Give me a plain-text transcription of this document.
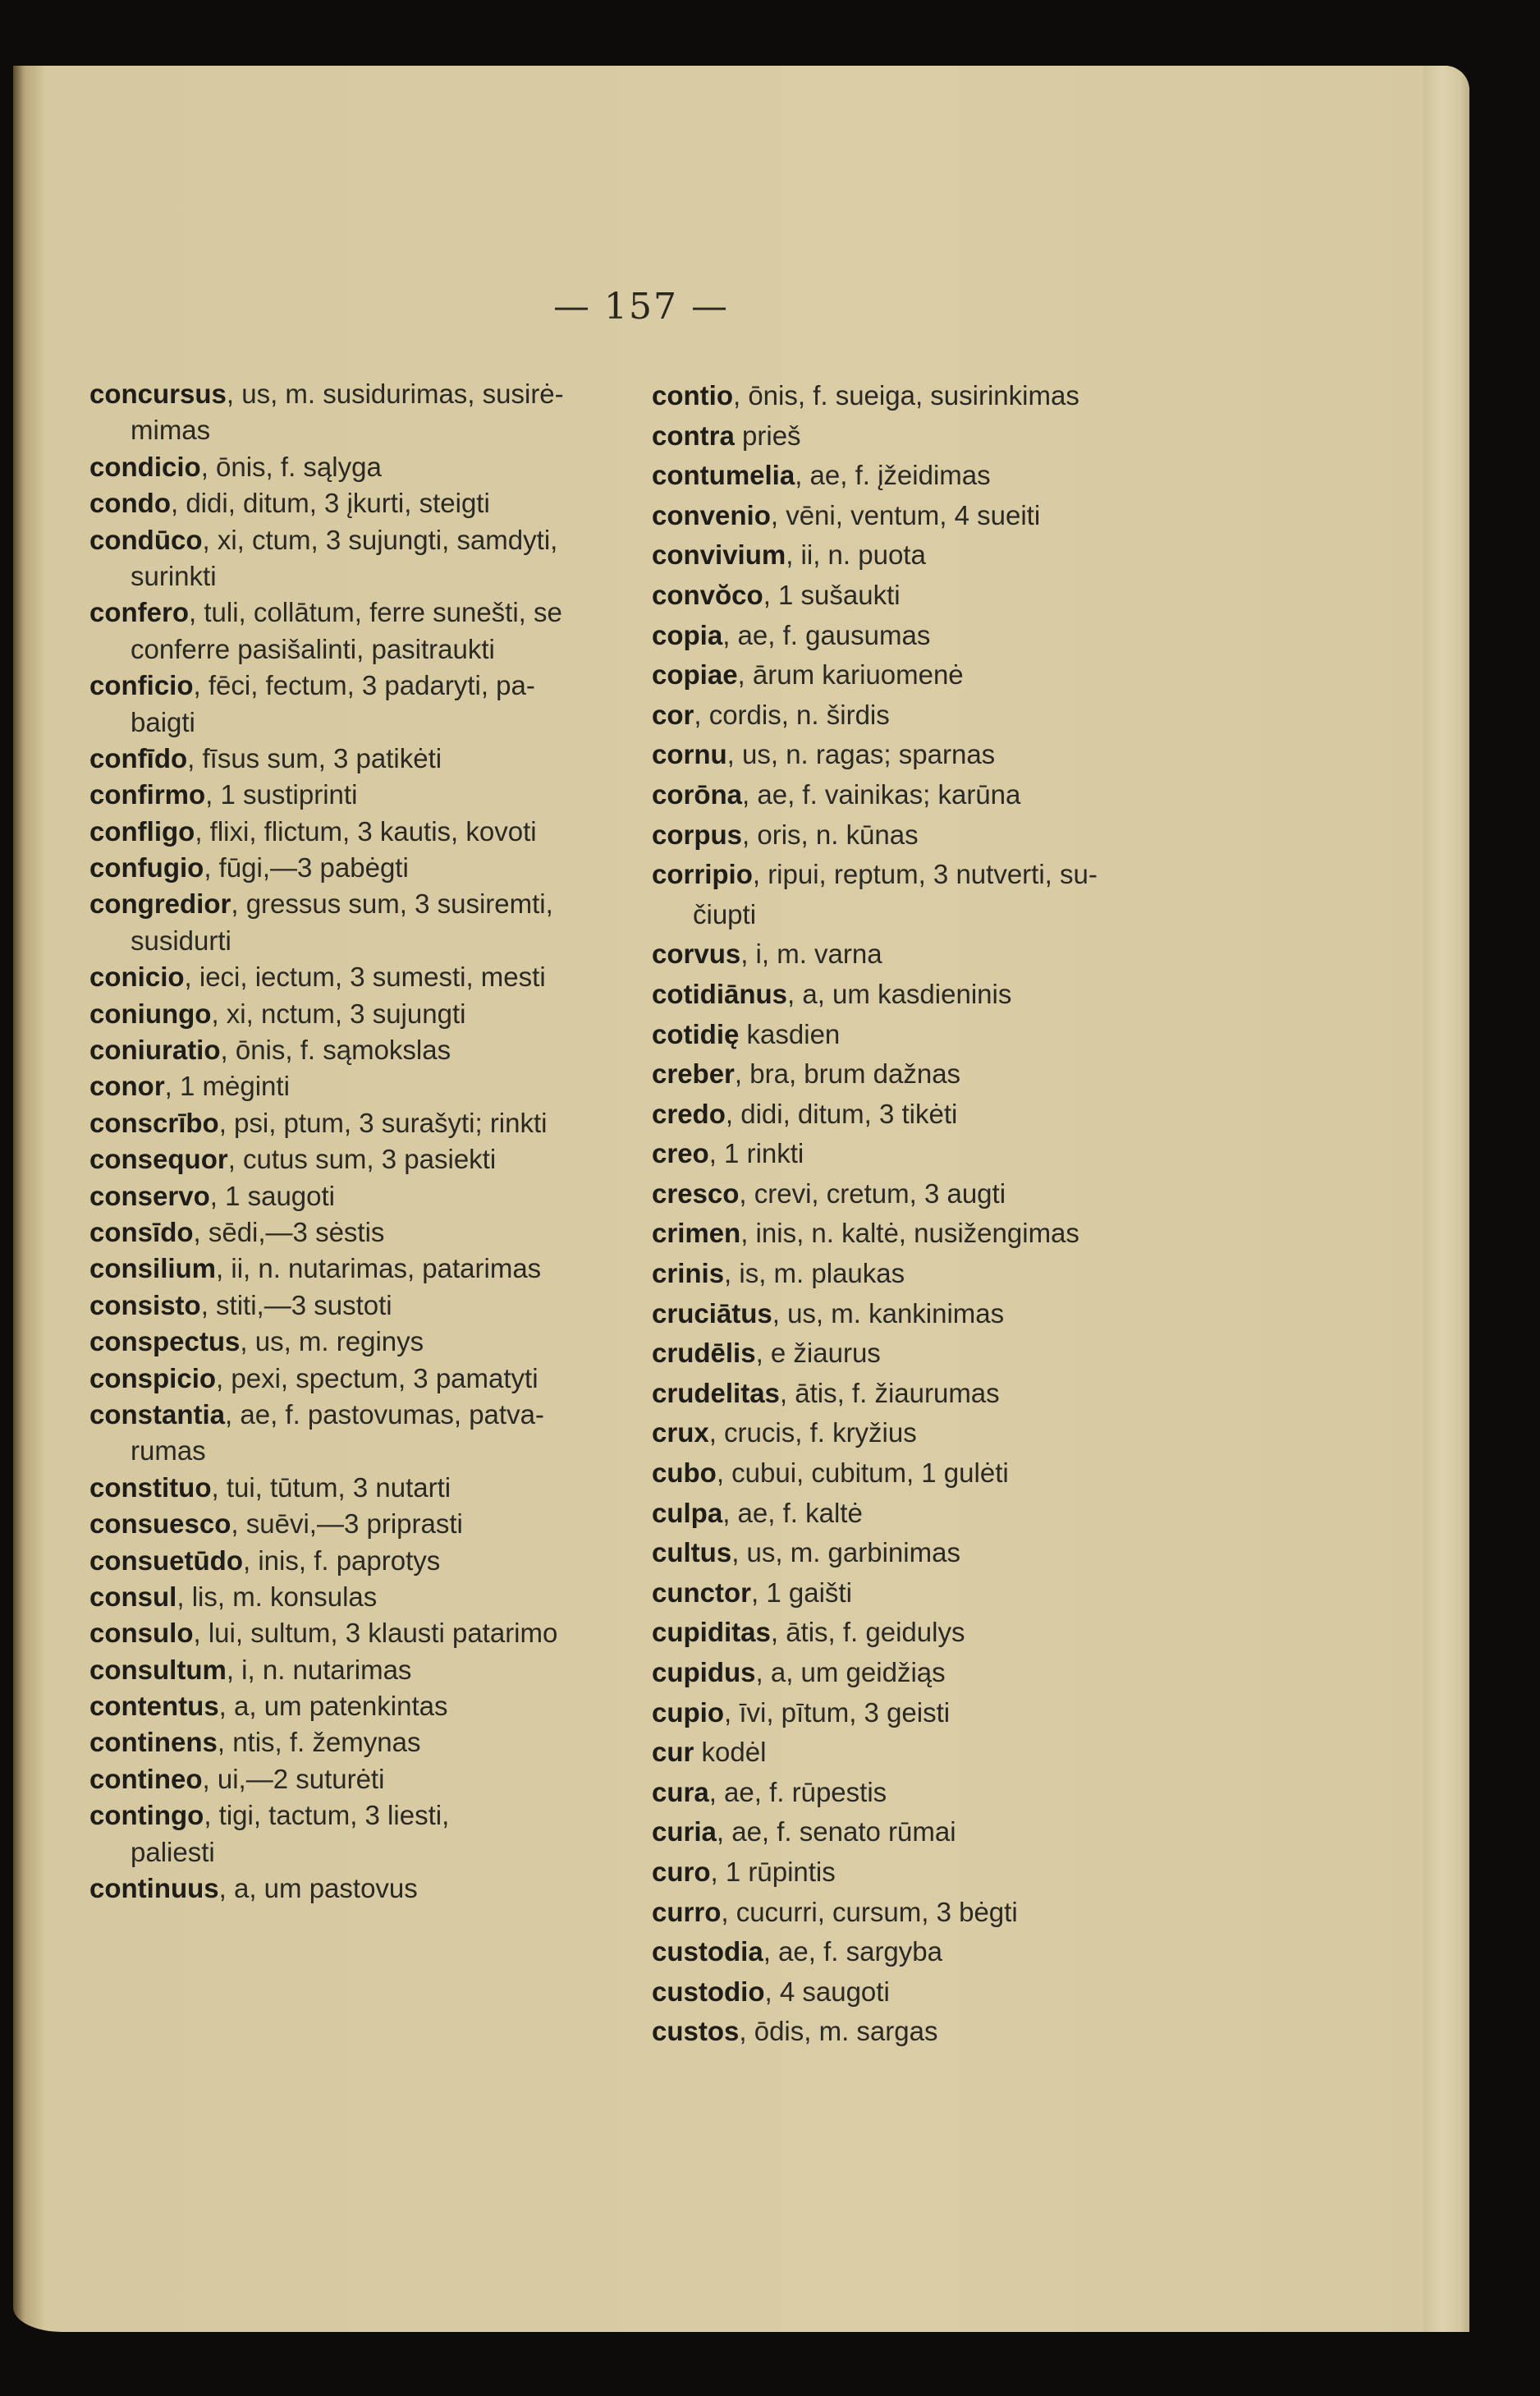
— 157 —
concursus, us, m. susidurimas, susirė-
mimas
condicio, ōnis, f. sąlyga
condo, didi, ditum, 3 įkurti, steigti
condūco, xi, ctum, 3 sujungti, samdyti,
surinkti
confero, tuli, collātum, ferre sunešti, se
conferre pasišalinti, pasitraukti
conficio, fēci, fectum, 3 padaryti, pa-
baigti
confīdo, fīsus sum, 3 patikėti
confirmo, 1 sustiprinti
confligo, flixi, flictum, 3 kautis, kovoti
confugio, fūgi,—3 pabėgti
congredior, gressus sum, 3 susiremti,
susidurti
conicio, ieci, iectum, 3 sumesti, mesti
coniungo, xi, nctum, 3 sujungti
coniuratio, ōnis, f. sąmokslas
conor, 1 mėginti
conscrībo, psi, ptum, 3 surašyti; rinkti
consequor, cutus sum, 3 pasiekti
conservo, 1 saugoti
consīdo, sēdi,—3 sėstis
consilium, ii, n. nutarimas, patarimas
consisto, stiti,—3 sustoti
conspectus, us, m. reginys
conspicio, pexi, spectum, 3 pamatyti
constantia, ae, f. pastovumas, patva-
rumas
constituo, tui, tūtum, 3 nutarti
consuesco, suēvi,—3 priprasti
consuetūdo, inis, f. paprotys
consul, lis, m. konsulas
consulo, lui, sultum, 3 klausti patarimo
consultum, i, n. nutarimas
contentus, a, um patenkintas
continens, ntis, f. žemynas
contineo, ui,—2 suturėti
contingo, tigi, tactum, 3 liesti,
paliesti
continuus, a, um pastovus
contio, ōnis, f. sueiga, susirinkimas
contra prieš
contumelia, ae, f. įžeidimas
convenio, vēni, ventum, 4 sueiti
convivium, ii, n. puota
convŏco, 1 sušaukti
copia, ae, f. gausumas
copiae, ārum kariuomenė
cor, cordis, n. širdis
cornu, us, n. ragas; sparnas
corōna, ae, f. vainikas; karūna
corpus, oris, n. kūnas
corripio, ripui, reptum, 3 nutverti, su-
čiupti
corvus, i, m. varna
cotidiānus, a, um kasdieninis
cotidię kasdien
creber, bra, brum dažnas
credo, didi, ditum, 3 tikėti
creo, 1 rinkti
cresco, crevi, cretum, 3 augti
crimen, inis, n. kaltė, nusižengimas
crinis, is, m. plaukas
cruciātus, us, m. kankinimas
crudēlis, e žiaurus
crudelitas, ātis, f. žiaurumas
crux, crucis, f. kryžius
cubo, cubui, cubitum, 1 gulėti
culpa, ae, f. kaltė
cultus, us, m. garbinimas
cunctor, 1 gaišti
cupiditas, ātis, f. geidulys
cupidus, a, um geidžiąs
cupio, īvi, pītum, 3 geisti
cur kodėl
cura, ae, f. rūpestis
curia, ae, f. senato rūmai
curo, 1 rūpintis
curro, cucurri, cursum, 3 bėgti
custodia, ae, f. sargyba
custodio, 4 saugoti
custos, ōdis, m. sargas
